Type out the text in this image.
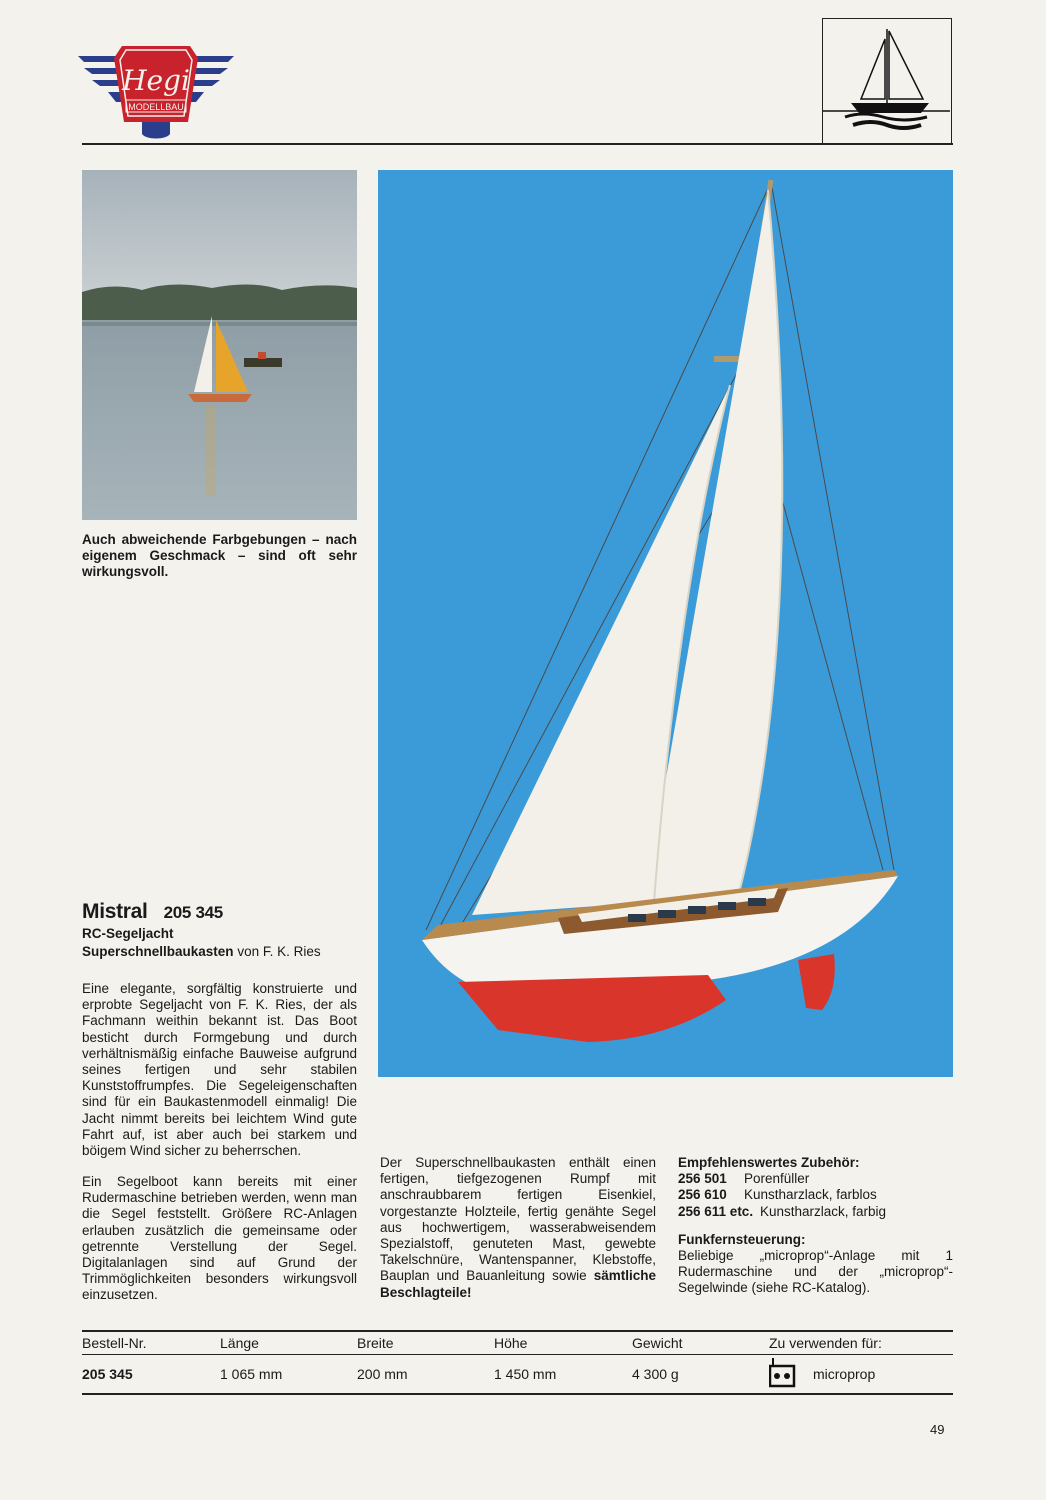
Hegi
MODELLBAU
Auch abweichende Farbgebungen – nach eigenem Geschmack – sind oft sehr wirkungsvoll.
Mistral 205 345
RC-Segeljacht
Superschnellbaukasten von F. K. Ries
Eine elegante, sorgfältig konstruierte und erprobte Segeljacht von F. K. Ries, der als Fachmann weithin bekannt ist. Das Boot besticht durch Formgebung und durch verhältnismäßig einfache Bauweise aufgrund seines fertigen und sehr stabilen Kunststoffrumpfes. Die Segeleigenschaften sind für ein Baukastenmodell einmalig! Die Jacht nimmt bereits bei leichtem Wind gute Fahrt auf, ist aber auch bei starkem und böigem Wind sicher zu beherrschen.
Ein Segelboot kann bereits mit einer Rudermaschine betrieben werden, wenn man die Segel feststellt. Größere RC-Anlagen erlauben zusätzlich die gemeinsame oder getrennte Verstellung der Segel. Digitalanlagen sind auf Grund der Trimmöglichkeiten besonders wirkungsvoll einzusetzen.
Der Superschnellbaukasten enthält einen fertigen, tiefgezogenen Rumpf mit anschraubbarem fertigen Eisenkiel, vorgestanzte Holzteile, fertig genähte Segel aus hochwertigem, wasserabweisendem Spezialstoff, genuteten Mast, gewebte Takelschnüre, Wantenspanner, Klebstoffe, Bauplan und Bauanleitung sowie sämtliche Beschlagteile!
Empfehlenswertes Zubehör:
256 501 Porenfüller
256 610 Kunstharzlack, farblos
256 611 etc. Kunstharzlack, farbig
Funkfernsteuerung:
Beliebige „microprop“-Anlage mit 1 Rudermaschine und der „microprop“-Segelwinde (siehe RC-Katalog).
Bestell-Nr.	Länge	Breite	Höhe	Gewicht	Zu verwenden für:
205 345	1 065 mm	200 mm	1 450 mm	4 300 g	microprop
49
